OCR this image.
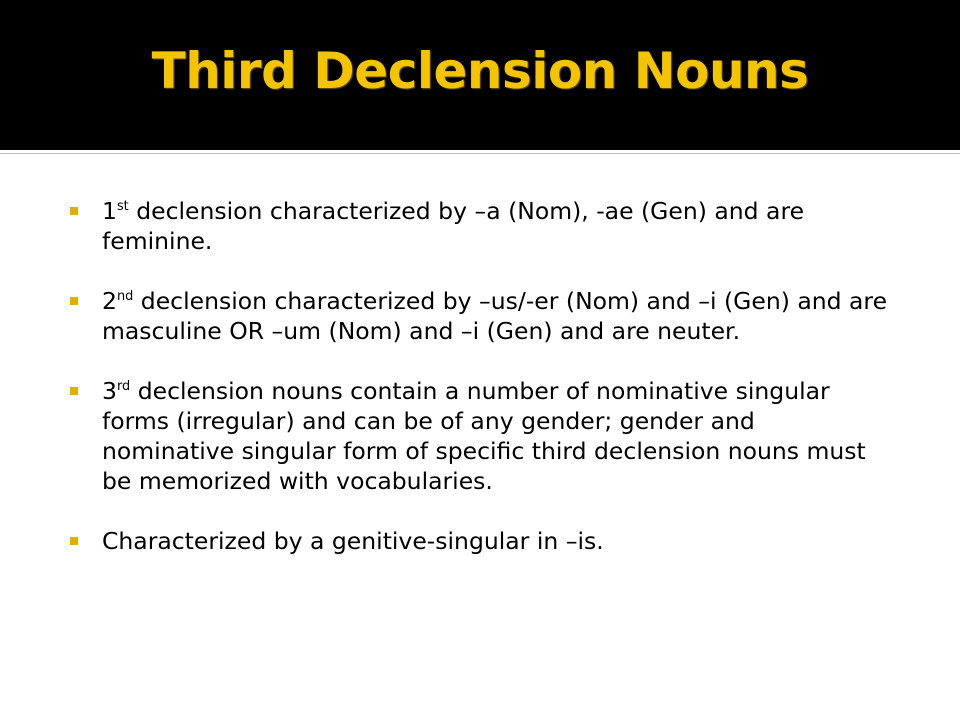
Third Declension Nouns
1st declension characterized by –a (Nom), -ae (Gen) and are feminine.
2nd declension characterized by –us/-er (Nom) and –i (Gen) and are masculine OR –um (Nom) and –i (Gen) and are neuter.
3rd declension nouns contain a number of nominative singular forms (irregular) and can be of any gender; gender and nominative singular form of specific third declension nouns must be memorized with vocabularies.
Characterized by a genitive-singular in –is.
